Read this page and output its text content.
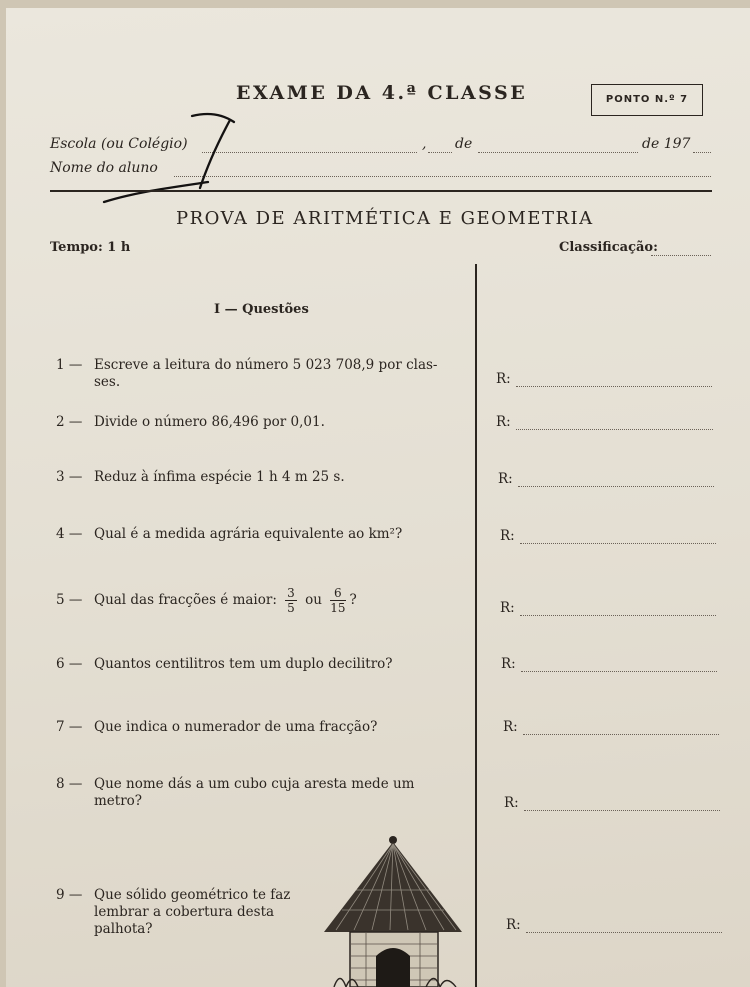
EXAME DA 4.ª CLASSE	PONTO N.º 7
Escola (ou Colégio)	, de	de 197
Nome do aluno
PROVA DE ARITMÉTICA E GEOMETRIA
Tempo: 1 h	Classificação:
I — Questões
1 — Escreve a leitura do número 5 023 708,9 por clas-
ses.	R:
2 — Divide o número 86,496 por 0,01.	R:
3 — Reduz à ínfima espécie 1 h 4 m 25 s.	R:
4 — Qual é a medida agrária equivalente ao km²?	R:
5 — Qual das fracções é maior: $\frac{3}{5}$ ou $\frac{6}{15}$ ?	R:
6 — Quantos centilitros tem um duplo decilitro?	R:
7 — Que indica o numerador de uma fracção?	R:
8 — Que nome dás a um cubo cuja aresta mede um
metro?	R:
9 — Que sólido geométrico te faz
lembrar a cobertura desta
palhota?	R:
